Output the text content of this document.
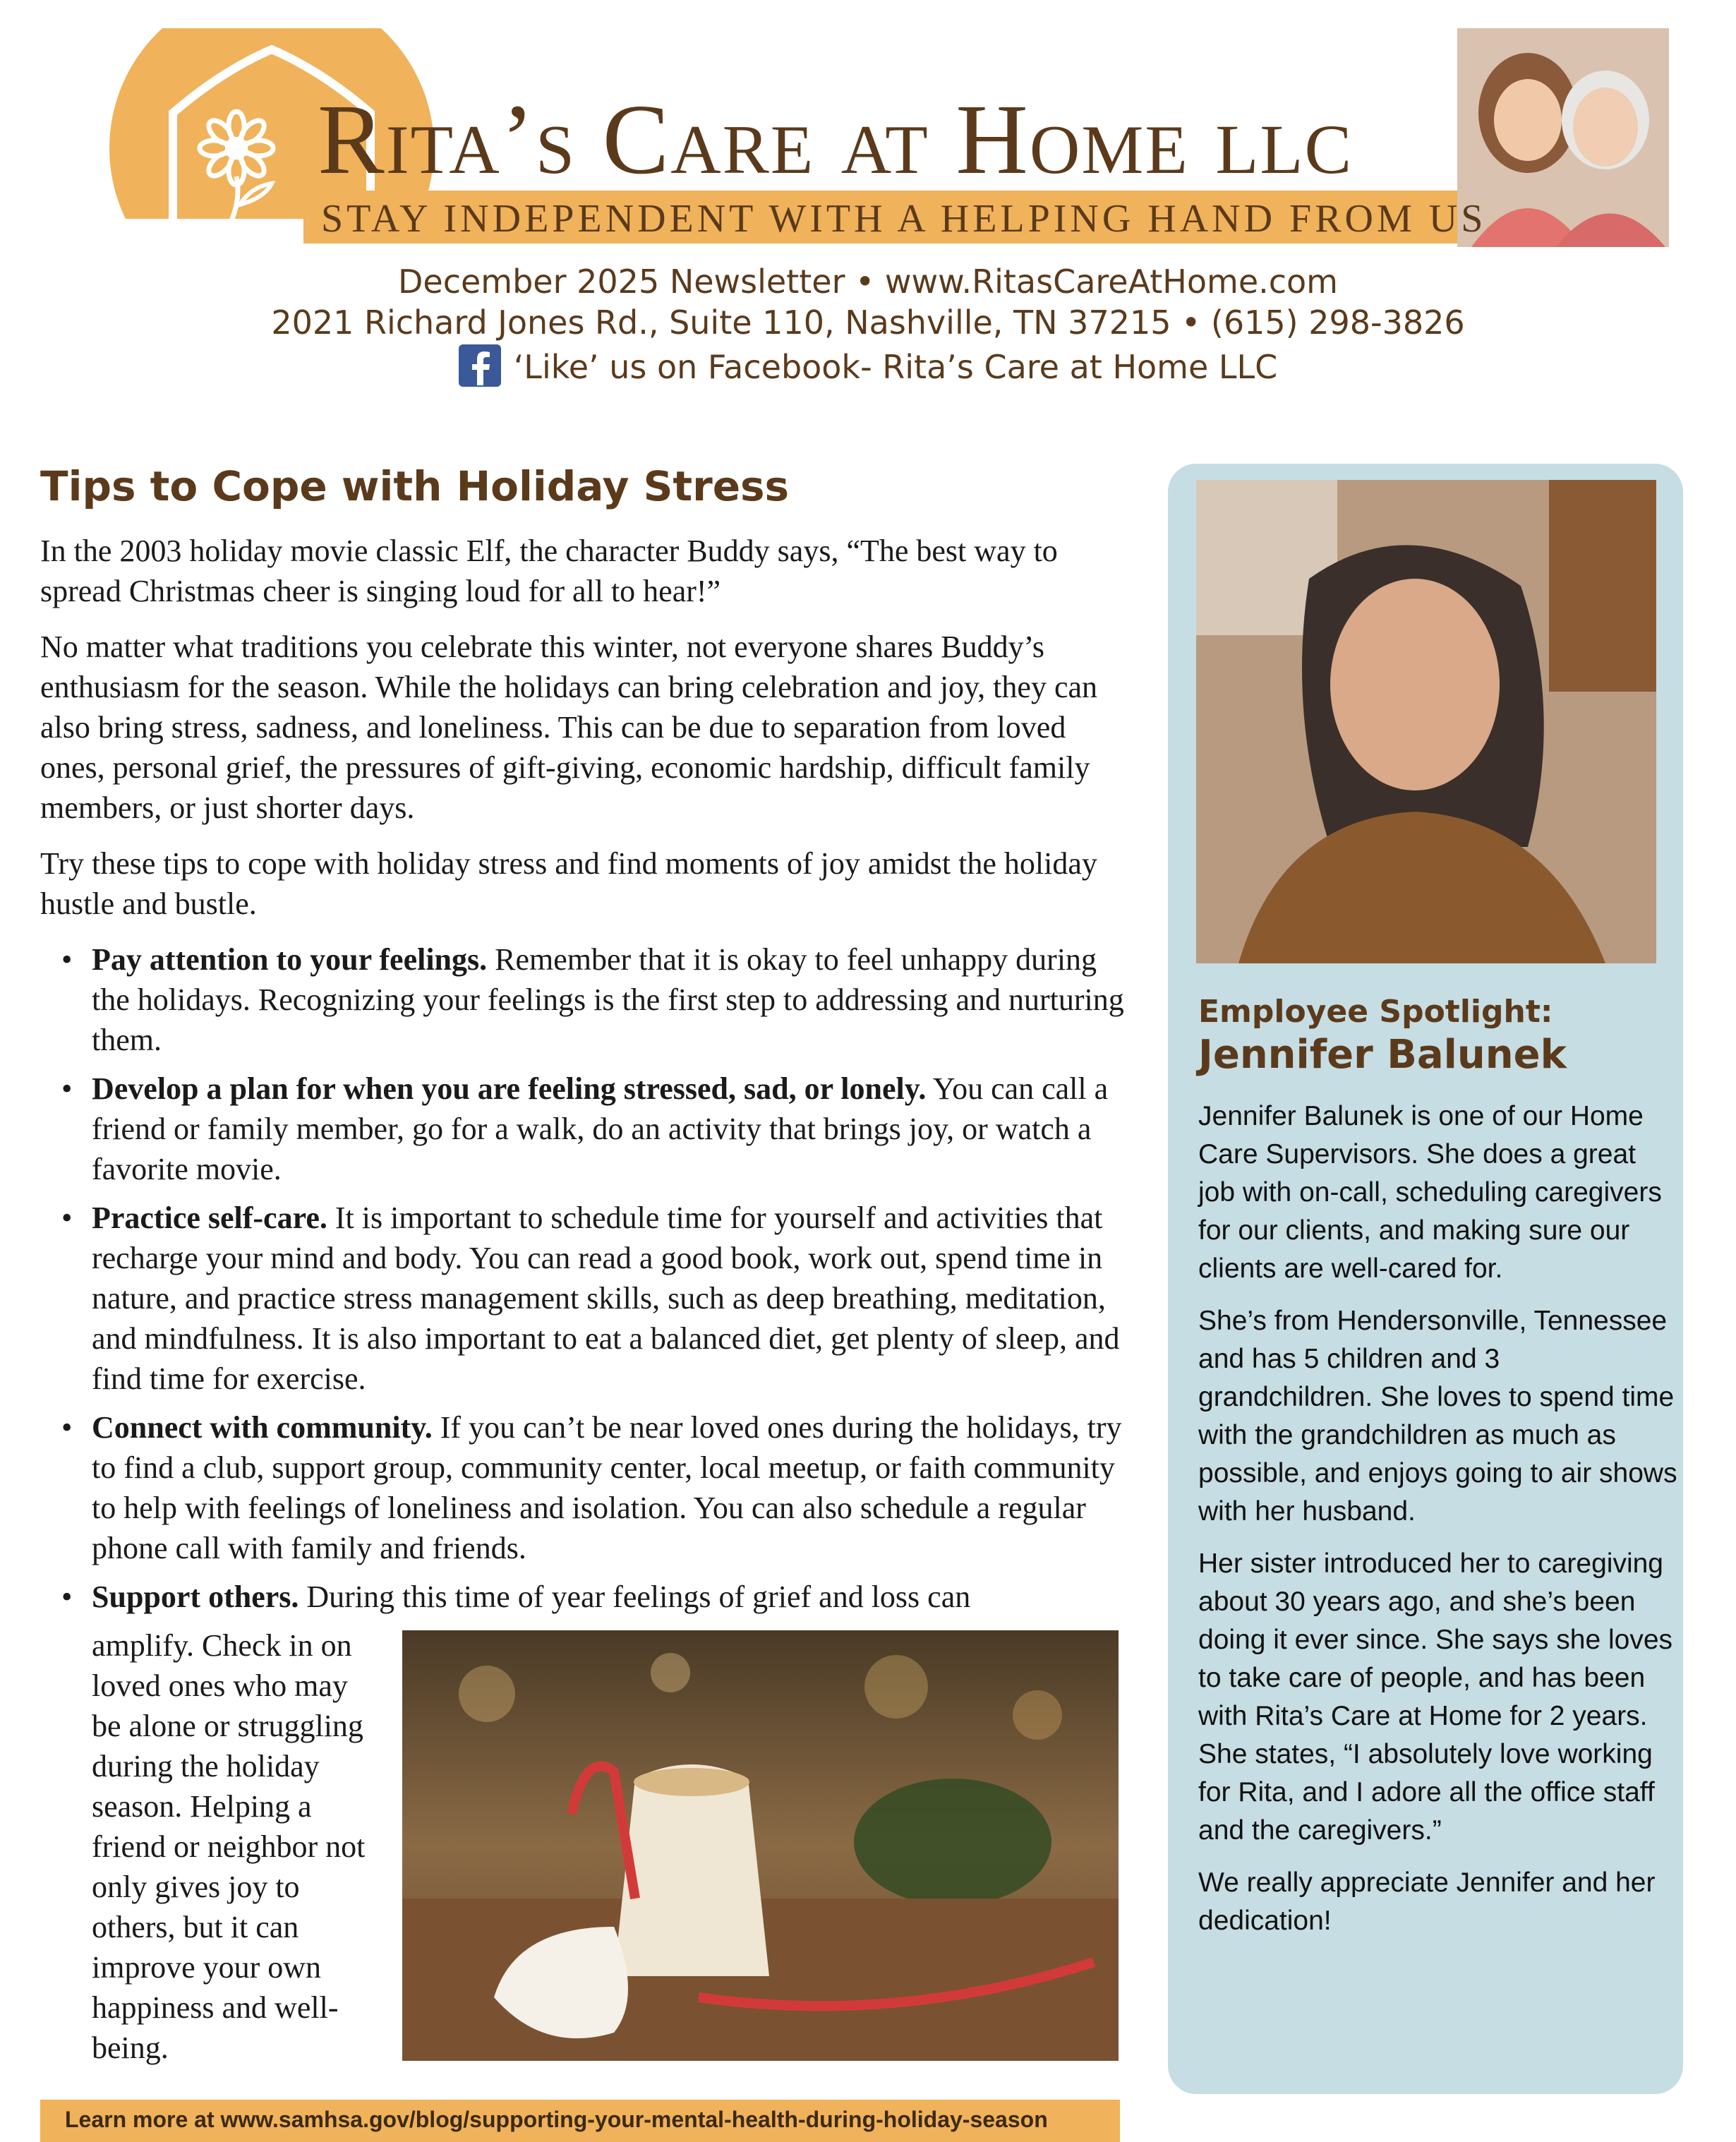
Rita’s Care at Home LLC
STAY INDEPENDENT WITH A HELPING HAND FROM US
December 2025 Newsletter • www.RitasCareAtHome.com
2021 Richard Jones Rd., Suite 110, Nashville, TN 37215 • (615) 298-3826
‘Like’ us on Facebook- Rita’s Care at Home LLC
Tips to Cope with Holiday Stress

In the 2003 holiday movie classic Elf, the character Buddy says, “The best way to spread Christmas cheer is singing loud for all to hear!”

No matter what traditions you celebrate this winter, not everyone shares Buddy’s enthusiasm for the season. While the holidays can bring celebration and joy, they can also bring stress, sadness, and loneliness. This can be due to separation from loved ones, personal grief, the pressures of gift-giving, economic hardship, difficult family members, or just shorter days.

Try these tips to cope with holiday stress and find moments of joy amidst the holiday hustle and bustle.

• Pay attention to your feelings. Remember that it is okay to feel unhappy during the holidays. Recognizing your feelings is the first step to addressing and nurturing them.
• Develop a plan for when you are feeling stressed, sad, or lonely. You can call a friend or family member, go for a walk, do an activity that brings joy, or watch a favorite movie.
• Practice self-care. It is important to schedule time for yourself and activities that recharge your mind and body. You can read a good book, work out, spend time in nature, and practice stress management skills, such as deep breathing, meditation, and mindfulness. It is also important to eat a balanced diet, get plenty of sleep, and find time for exercise.
• Connect with community. If you can’t be near loved ones during the holidays, try to find a club, support group, community center, local meetup, or faith community to help with feelings of loneliness and isolation. You can also schedule a regular phone call with family and friends.
• Support others. During this time of year feelings of grief and loss can
amplify. Check in on loved ones who may be alone or struggling during the holiday season. Helping a friend or neighbor not only gives joy to others, but it can improve your own happiness and well-being.
Employee Spotlight:
Jennifer Balunek

Jennifer Balunek is one of our Home Care Supervisors. She does a great job with on-call, scheduling caregivers for our clients, and making sure our clients are well-cared for.

She’s from Hendersonville, Tennessee and has 5 children and 3 grandchildren. She loves to spend time with the grandchildren as much as possible, and enjoys going to air shows with her husband.

Her sister introduced her to caregiving about 30 years ago, and she’s been doing it ever since. She says she loves to take care of people, and has been with Rita’s Care at Home for 2 years. She states, “I absolutely love working for Rita, and I adore all the office staff and the caregivers.”

We really appreciate Jennifer and her dedication!

Learn more at www.samhsa.gov/blog/supporting-your-mental-health-during-holiday-season
